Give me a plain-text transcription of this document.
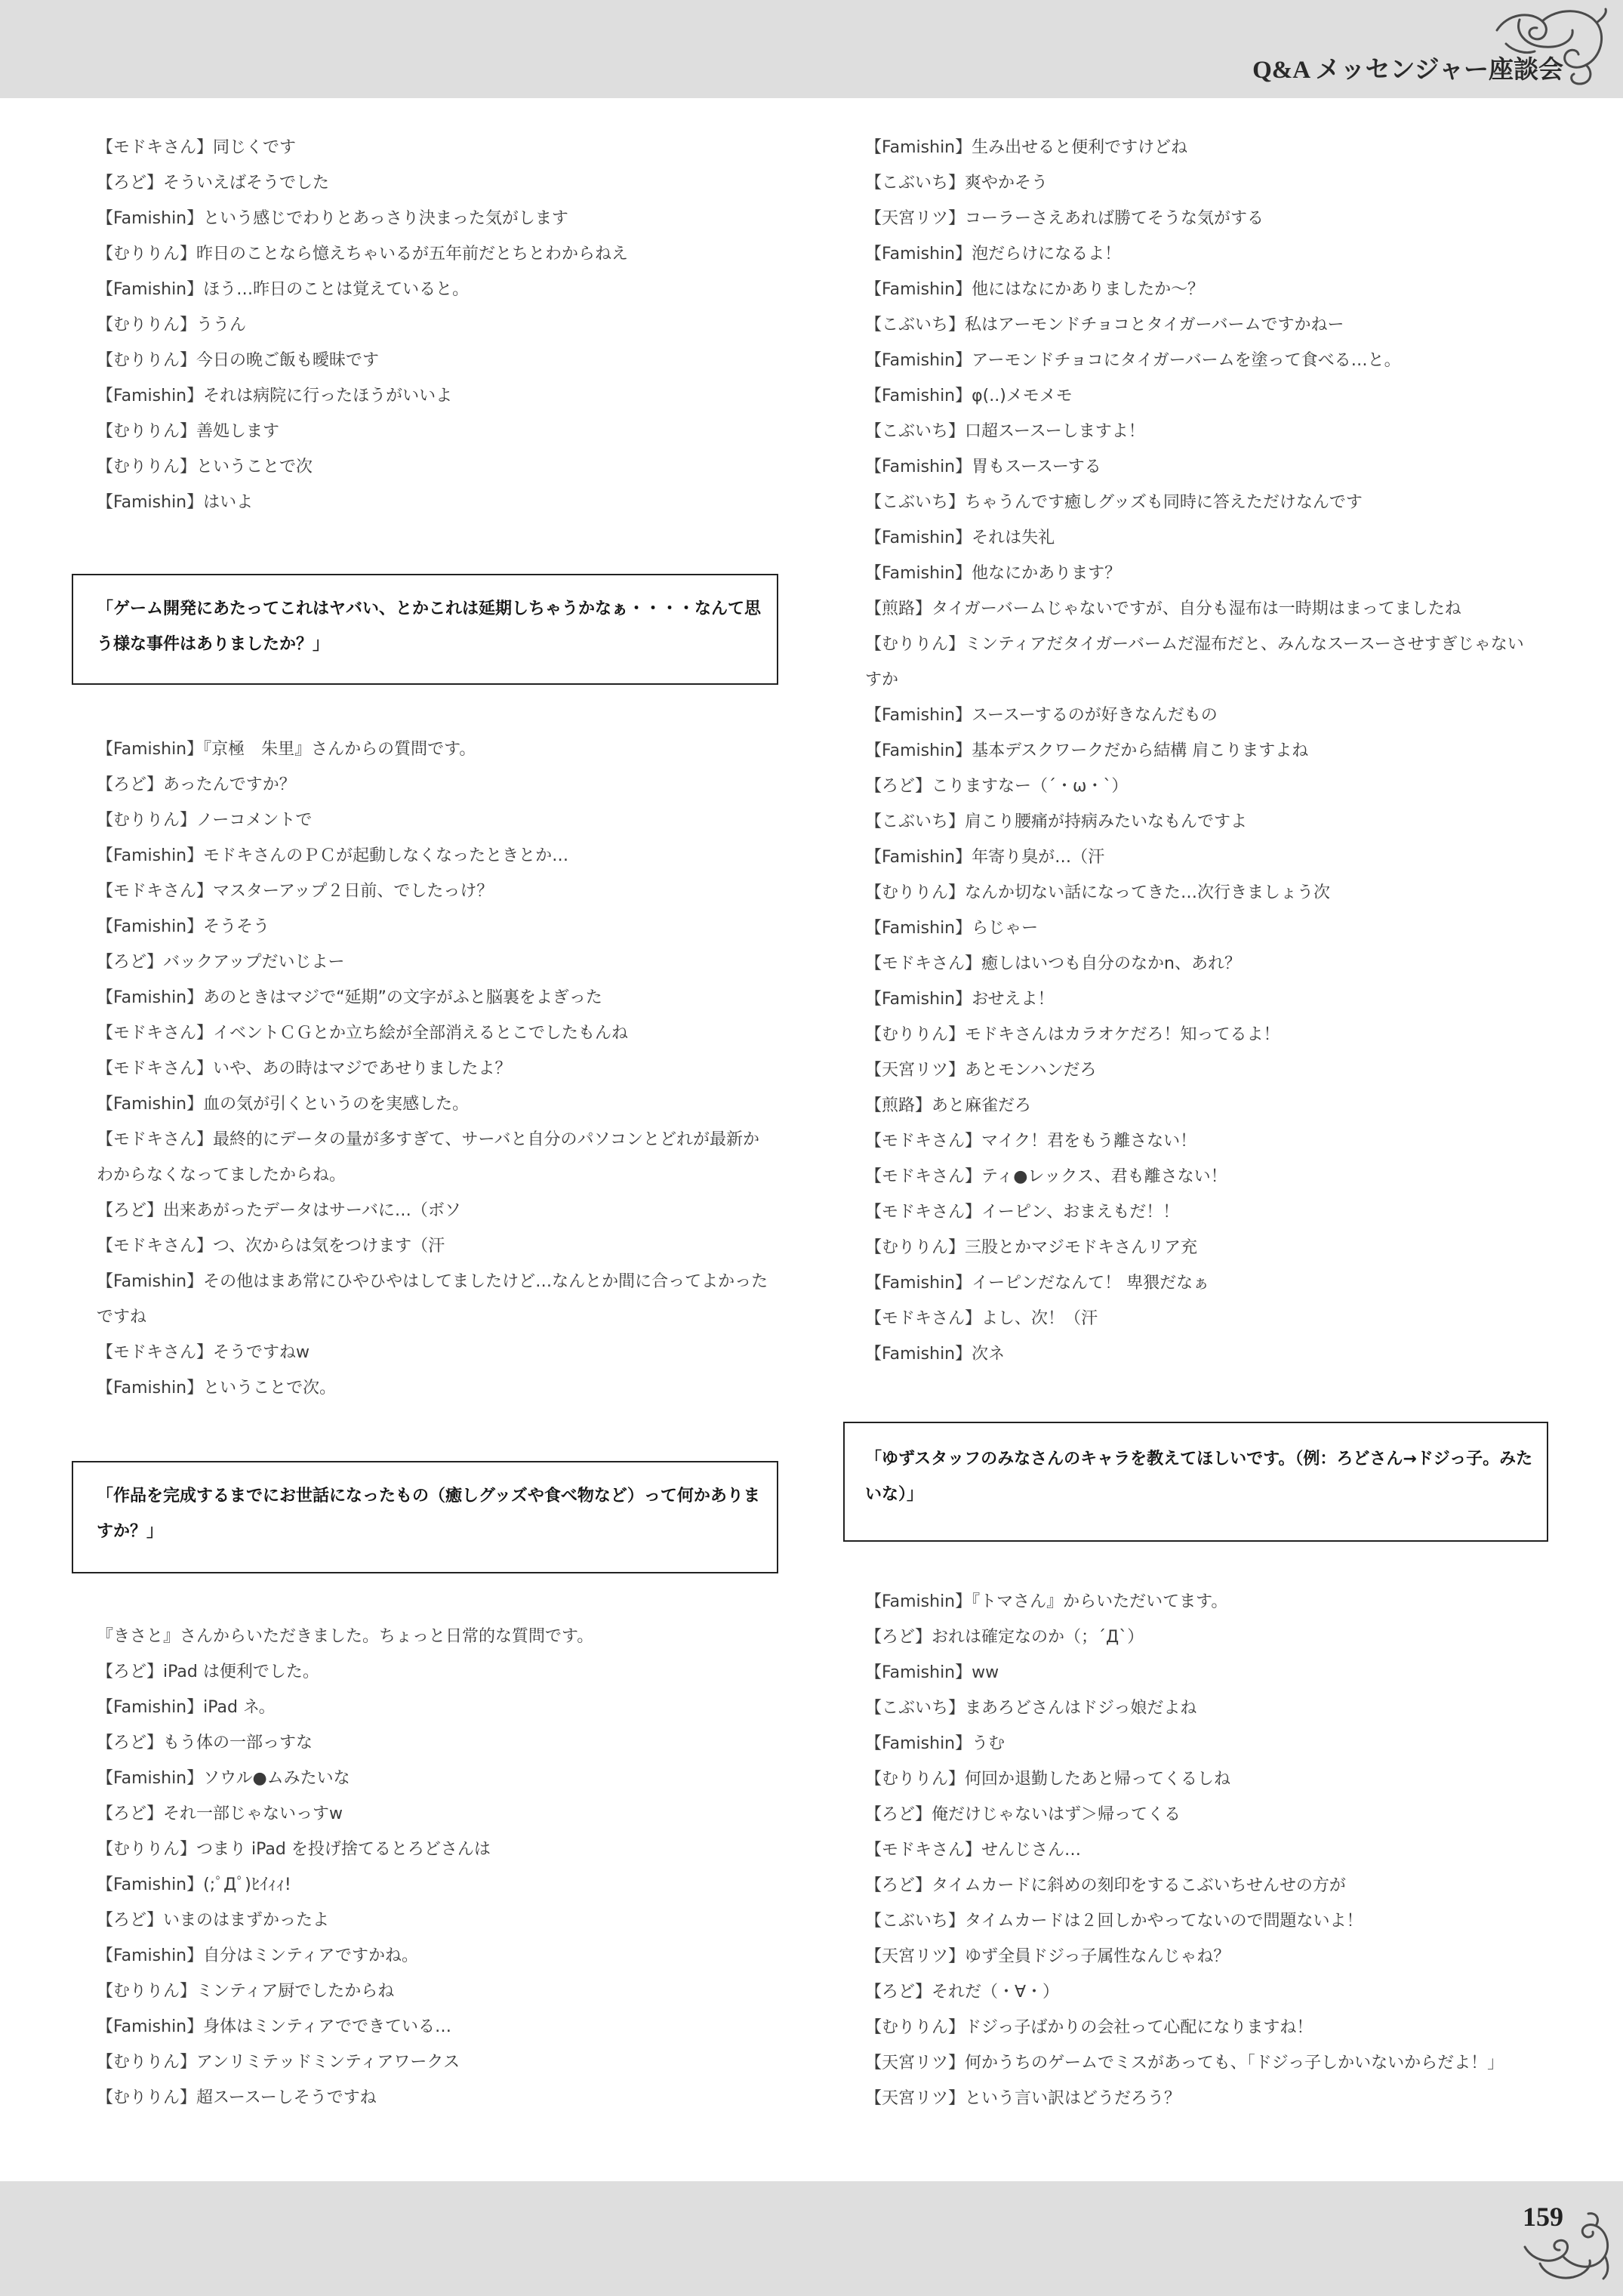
Q&A メッセンジャー座談会
【モドキさん】同じくです
【ろど】そういえばそうでした
【Famishin】という感じでわりとあっさり決まった気がします
【むりりん】昨日のことなら憶えちゃいるが五年前だとちとわからねえ
【Famishin】ほう…昨日のことは覚えていると。
【むりりん】ううん
【むりりん】今日の晩ご飯も曖昧です
【Famishin】それは病院に行ったほうがいいよ
【むりりん】善処します
【むりりん】ということで次
【Famishin】はいよ
「ゲーム開発にあたってこれはヤバい、とかこれは延期しちゃうかなぁ・・・・なんて思
う様な事件はありましたか？」
【Famishin】『京極　朱里』さんからの質問です。
【ろど】あったんですか？
【むりりん】ノーコメントで
【Famishin】モドキさんのＰＣが起動しなくなったときとか…
【モドキさん】マスターアップ２日前、でしたっけ？
【Famishin】そうそう
【ろど】バックアップだいじよー
【Famishin】あのときはマジで“延期”の文字がふと脳裏をよぎった
【モドキさん】イベントＣＧとか立ち絵が全部消えるとこでしたもんね
【モドキさん】いや、あの時はマジであせりましたよ？
【Famishin】血の気が引くというのを実感した。
【モドキさん】最終的にデータの量が多すぎて、サーバと自分のパソコンとどれが最新か
わからなくなってましたからね。
【ろど】出来あがったデータはサーバに…（ボソ
【モドキさん】つ、次からは気をつけます（汗
【Famishin】その他はまあ常にひやひやはしてましたけど…なんとか間に合ってよかった
ですね
【モドキさん】そうですねw
【Famishin】ということで次。
「作品を完成するまでにお世話になったもの（癒しグッズや食べ物など）って何かありま
すか？」
『きさと』さんからいただきました。ちょっと日常的な質問です。
【ろど】iPad は便利でした。
【Famishin】iPad ネ。
【ろど】もう体の一部っすな
【Famishin】ソウル●ムみたいな
【ろど】それ一部じゃないっすw
【むりりん】つまり iPad を投げ捨てるとろどさんは
【Famishin】(;ﾟДﾟ)ﾋｲｨｨ!
【ろど】いまのはまずかったよ
【Famishin】自分はミンティアですかね。
【むりりん】ミンティア厨でしたからね
【Famishin】身体はミンティアでできている…
【むりりん】アンリミテッドミンティアワークス
【むりりん】超スースーしそうですね
【Famishin】生み出せると便利ですけどね
【こぶいち】爽やかそう
【天宮リツ】コーラーさえあれば勝てそうな気がする
【Famishin】泡だらけになるよ！
【Famishin】他にはなにかありましたか〜？
【こぶいち】私はアーモンドチョコとタイガーバームですかねー
【Famishin】アーモンドチョコにタイガーバームを塗って食べる…と。
【Famishin】φ(..)メモメモ
【こぶいち】口超スースーしますよ！
【Famishin】胃もスースーする
【こぶいち】ちゃうんです癒しグッズも同時に答えただけなんです
【Famishin】それは失礼
【Famishin】他なにかあります？
【煎路】タイガーバームじゃないですが、自分も湿布は一時期はまってましたね
【むりりん】ミンティアだタイガーバームだ湿布だと、みんなスースーさせすぎじゃない
すか
【Famishin】スースーするのが好きなんだもの
【Famishin】基本デスクワークだから結構 肩こりますよね
【ろど】こりますなー（´・ω・`）
【こぶいち】肩こり腰痛が持病みたいなもんですよ
【Famishin】年寄り臭が…（汗
【むりりん】なんか切ない話になってきた…次行きましょう次
【Famishin】らじゃー
【モドキさん】癒しはいつも自分のなかn、あれ？
【Famishin】おせえよ！
【むりりん】モドキさんはカラオケだろ！知ってるよ！
【天宮リツ】あとモンハンだろ
【煎路】あと麻雀だろ
【モドキさん】マイク！君をもう離さない！
【モドキさん】ティ●レックス、君も離さない！
【モドキさん】イーピン、おまえもだ！！
【むりりん】三股とかマジモドキさんリア充
【Famishin】イーピンだなんて！ 卑猥だなぁ
【モドキさん】よし、次！（汗
【Famishin】次ネ
「ゆずスタッフのみなさんのキャラを教えてほしいです。（例：ろどさん→ドジっ子。みた
いな）」
【Famishin】『トマさん』からいただいてます。
【ろど】おれは確定なのか（；´Д`）
【Famishin】ww
【こぶいち】まあろどさんはドジっ娘だよね
【Famishin】うむ
【むりりん】何回か退勤したあと帰ってくるしね
【ろど】俺だけじゃないはず＞帰ってくる
【モドキさん】せんじさん…
【ろど】タイムカードに斜めの刻印をするこぶいちせんせの方が
【こぶいち】タイムカードは２回しかやってないので問題ないよ！
【天宮リツ】ゆず全員ドジっ子属性なんじゃね？
【ろど】それだ（・∀・）
【むりりん】ドジっ子ばかりの会社って心配になりますね！
【天宮リツ】何かうちのゲームでミスがあっても、「ドジっ子しかいないからだよ！」
【天宮リツ】という言い訳はどうだろう？
159
